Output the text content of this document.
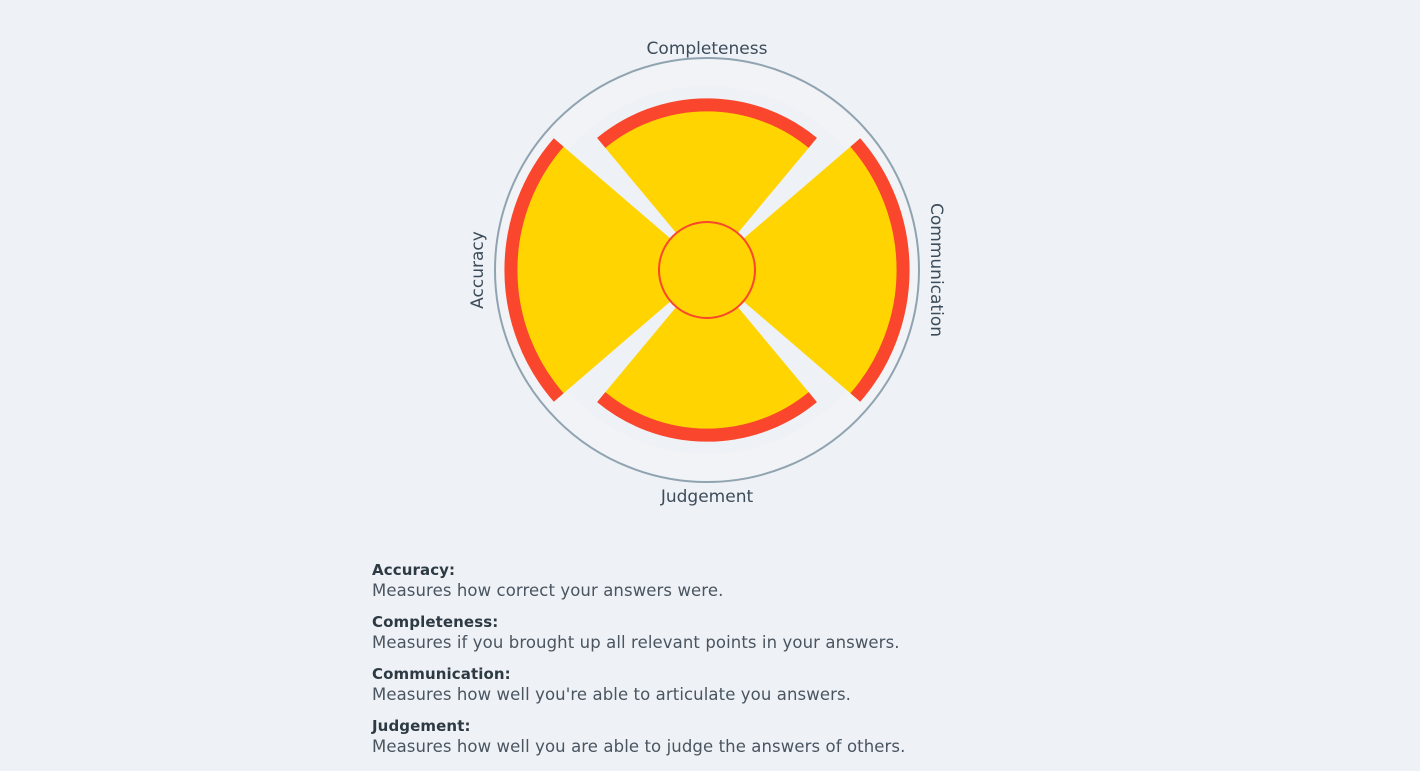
Completeness
Communication
Judgement
Accuracy
Accuracy:
Measures how correct your answers were.
Completeness:
Measures if you brought up all relevant points in your answers.
Communication:
Measures how well you're able to articulate you answers.
Judgement:
Measures how well you are able to judge the answers of others.
